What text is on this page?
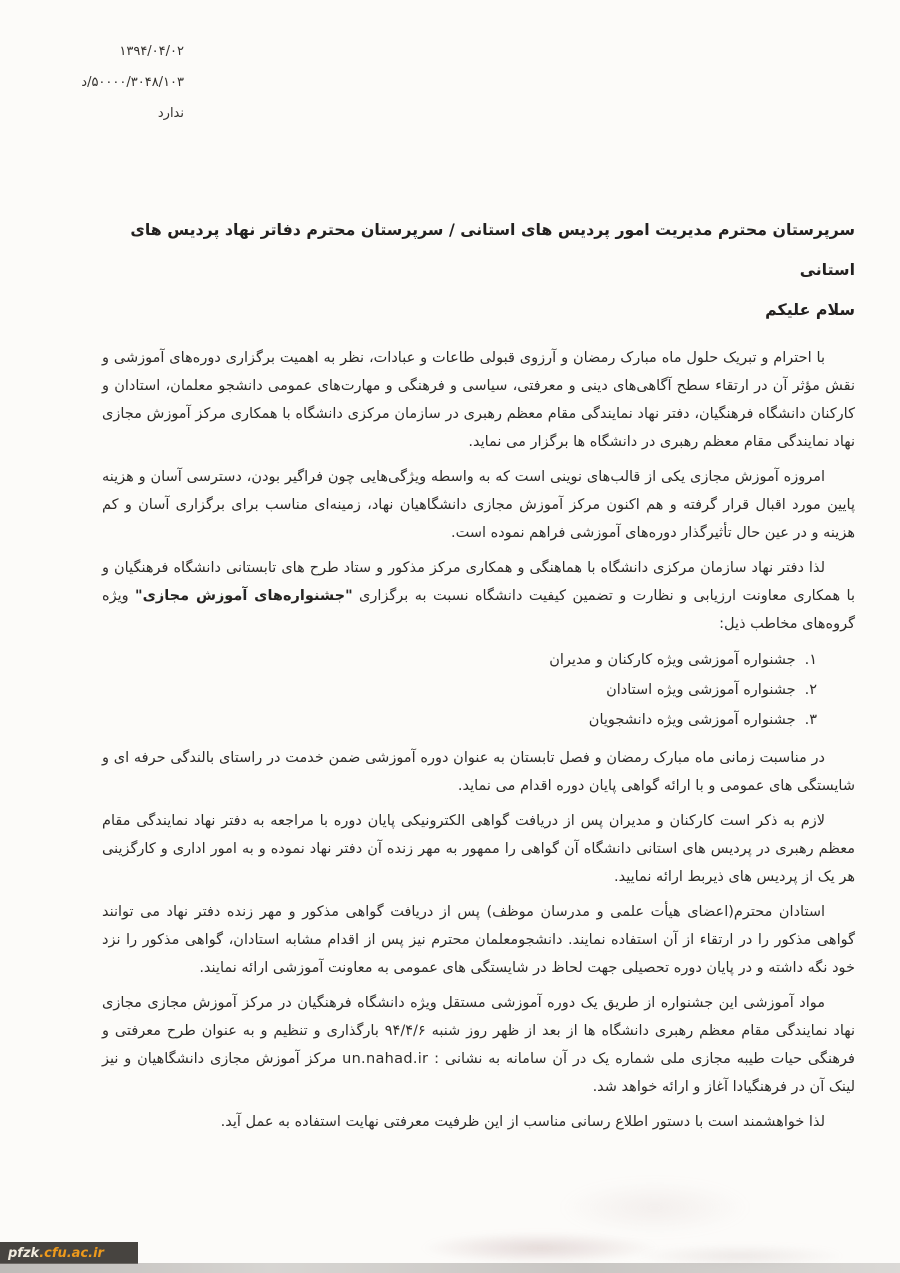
۱۳۹۴/۰۴/۰۲
د/۵۰۰۰۰/۳۰۴۸/۱۰۳
ندارد
سرپرستان محترم مدیریت امور پردیس های استانی / سرپرستان محترم دفاتر نهاد پردیس های استانی
سلام علیکم

با احترام و تبریک حلول ماه مبارک رمضان و آرزوی قبولی طاعات و عبادات، نظر به اهمیت برگزاری دوره‌های آموزشی و نقش مؤثر آن در ارتقاء سطح آگاهی‌های دینی و معرفتی، سیاسی و فرهنگی و مهارت‌های عمومی دانشجو معلمان، استادان و کارکنان دانشگاه فرهنگیان، دفتر نهاد نمایندگی مقام معظم رهبری در سازمان مرکزی دانشگاه با همکاری مرکز آموزش مجازی نهاد نمایندگی مقام معظم رهبری در دانشگاه ها برگزار می نماید.

امروزه آموزش مجازی یکی از قالب‌های نوینی است که به واسطه ویژگی‌هایی چون فراگیر بودن، دسترسی آسان و هزینه پایین مورد اقبال قرار گرفته و هم اکنون مرکز آموزش مجازی دانشگاهیان نهاد، زمینه‌ای مناسب برای برگزاری آسان و کم هزینه و در عین حال تأثیرگذار دوره‌های آموزشی فراهم نموده است.

لذا دفتر نهاد سازمان مرکزی دانشگاه با هماهنگی و همکاری مرکز مذکور و ستاد طرح های تابستانی دانشگاه فرهنگیان و با همکاری معاونت ارزیابی و نظارت و تضمین کیفیت دانشگاه نسبت به برگزاری "جشنواره‌های آموزش مجازی" ویژه گروه‌های مخاطب ذیل:

۱.جشنواره آموزشی ویژه کارکنان و مدیران
۲.جشنواره آموزشی ویژه استادان
۳.جشنواره آموزشی ویژه دانشجویان

در مناسبت زمانی ماه مبارک رمضان و فصل تابستان به عنوان دوره آموزشی ضمن خدمت در راستای بالندگی حرفه ای و شایستگی های عمومی و با ارائه گواهی پایان دوره اقدام می نماید.

لازم به ذکر است کارکنان و مدیران پس از دریافت گواهی الکترونیکی پایان دوره با مراجعه به دفتر نهاد نمایندگی مقام معظم رهبری در پردیس های استانی دانشگاه آن گواهی را ممهور به مهر زنده آن دفتر نهاد نموده و به امور اداری و کارگزینی هر یک از پردیس های ذیربط ارائه نمایید.

استادان محترم(اعضای هیأت علمی و مدرسان موظف) پس از دریافت گواهی مذکور و مهر زنده دفتر نهاد می توانند گواهی مذکور را در ارتقاء از آن استفاده نمایند. دانشجومعلمان محترم نیز پس از اقدام مشابه استادان، گواهی مذکور را نزد خود نگه داشته و در پایان دوره تحصیلی جهت لحاظ در شایستگی های عمومی به معاونت آموزشی ارائه نمایند.

مواد آموزشی این جشنواره از طریق یک دوره آموزشی مستقل ویژه دانشگاه فرهنگیان در مرکز آموزش مجازی مجازی نهاد نمایندگی مقام معظم رهبری دانشگاه ها از بعد از ظهر روز شنبه ۹۴/۴/۶ بارگذاری و تنظیم و به عنوان طرح معرفتی و فرهنگی حیات طیبه مجازی ملی شماره یک در آن سامانه به نشانی : un.nahad.ir مرکز آموزش مجازی دانشگاهیان و نیز لینک آن در فرهنگیادا آغاز و ارائه خواهد شد.

لذا خواهشمند است با دستور اطلاع رسانی مناسب از این ظرفیت معرفتی نهایت استفاده به عمل آید.

pfzk .cfu.ac.ir
